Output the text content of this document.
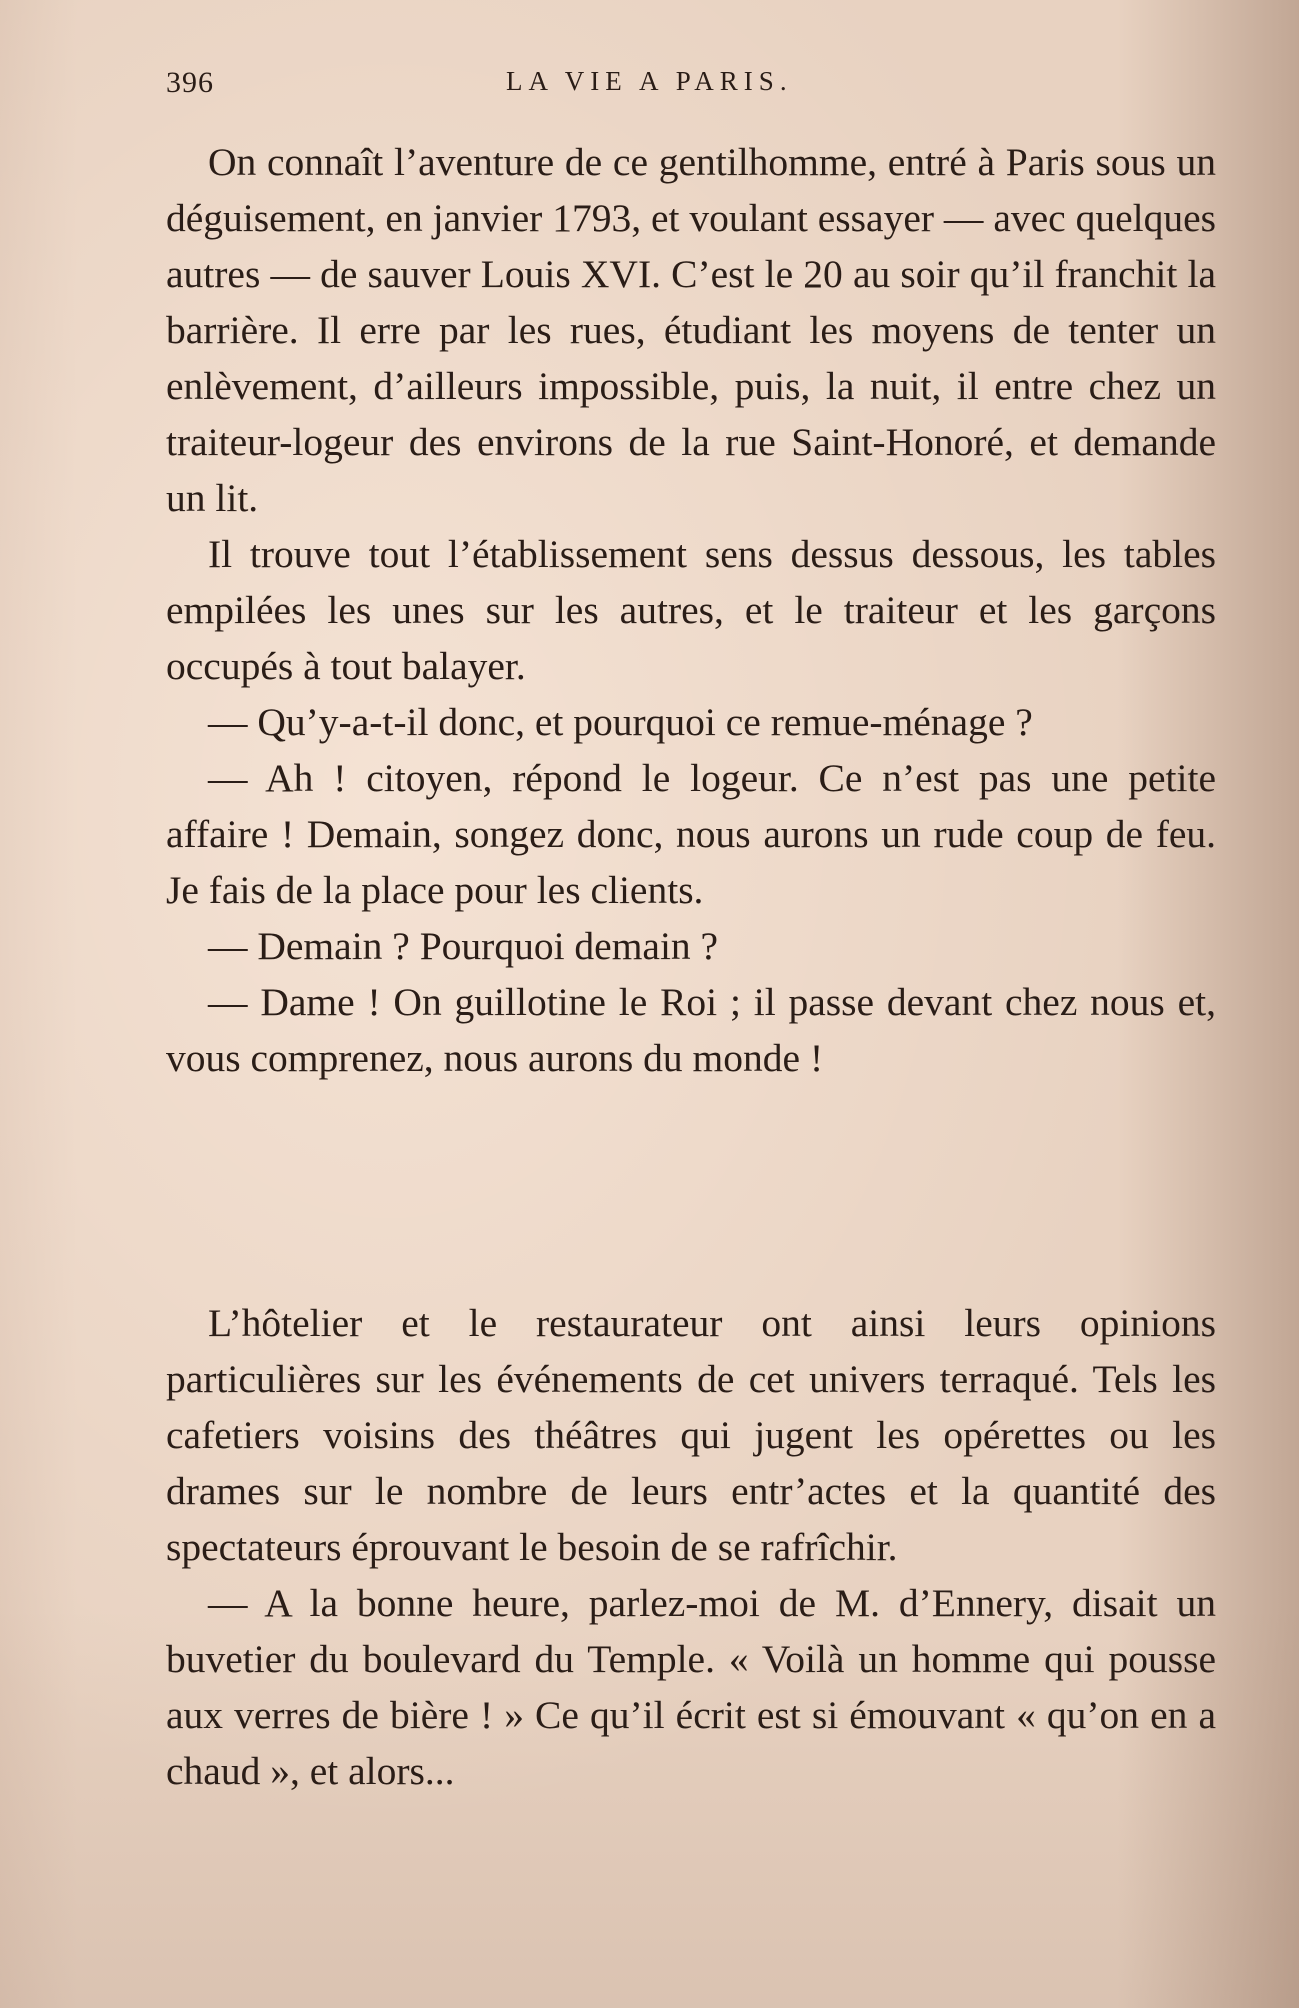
396	LA VIE A PARIS.

On connaît l’aventure de ce gentilhomme, entré à Paris sous un déguisement, en janvier 1793, et voulant essayer — avec quelques autres — de sauver Louis XVI. C’est le 20 au soir qu’il franchit la barrière. Il erre par les rues, étudiant les moyens de tenter un enlèvement, d’ailleurs impossible, puis, la nuit, il entre chez un traiteur-logeur des environs de la rue Saint-Honoré, et demande un lit.

Il trouve tout l’établissement sens dessus dessous, les tables empilées les unes sur les autres, et le traiteur et les garçons occupés à tout balayer.

— Qu’y-a-t-il donc, et pourquoi ce remue-ménage ?

— Ah ! citoyen, répond le logeur. Ce n’est pas une petite affaire ! Demain, songez donc, nous aurons un rude coup de feu. Je fais de la place pour les clients.

— Demain ? Pourquoi demain ?

— Dame ! On guillotine le Roi ; il passe devant chez nous et, vous comprenez, nous aurons du monde !

L’hôtelier et le restaurateur ont ainsi leurs opinions particulières sur les événements de cet univers terraqué. Tels les cafetiers voisins des théâtres qui jugent les opérettes ou les drames sur le nombre de leurs entr’actes et la quantité des spectateurs éprouvant le besoin de se rafrîchir.

— A la bonne heure, parlez-moi de M. d’Ennery, disait un buvetier du boulevard du Temple. « Voilà un homme qui pousse aux verres de bière ! » Ce qu’il écrit est si émouvant « qu’on en a chaud », et alors...
